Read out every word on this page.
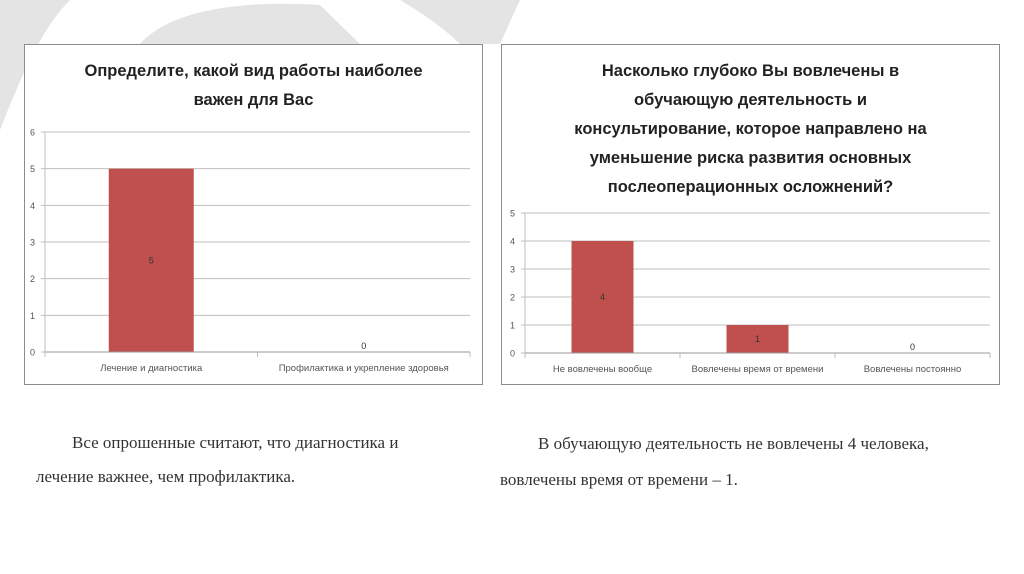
Определите, какой вид работы наиболее
важен для Вас
0
1
2
3
4
5
6
5
Лечение и диагностика
0
Профилактика и укрепление здоровья
Насколько глубоко Вы вовлечены в
обучающую деятельность и
консультирование, которое направлено на
уменьшение риска развития основных
послеоперационных осложнений?
0
1
2
3
4
5
4
Не вовлечены вообще
1
Вовлечены время от времени
0
Вовлечены постоянно
Все опрошенные считают, что диагностика и лечение важнее, чем профилактика.
В обучающую деятельность не вовлечены 4 человека, вовлечены время от времени – 1.
